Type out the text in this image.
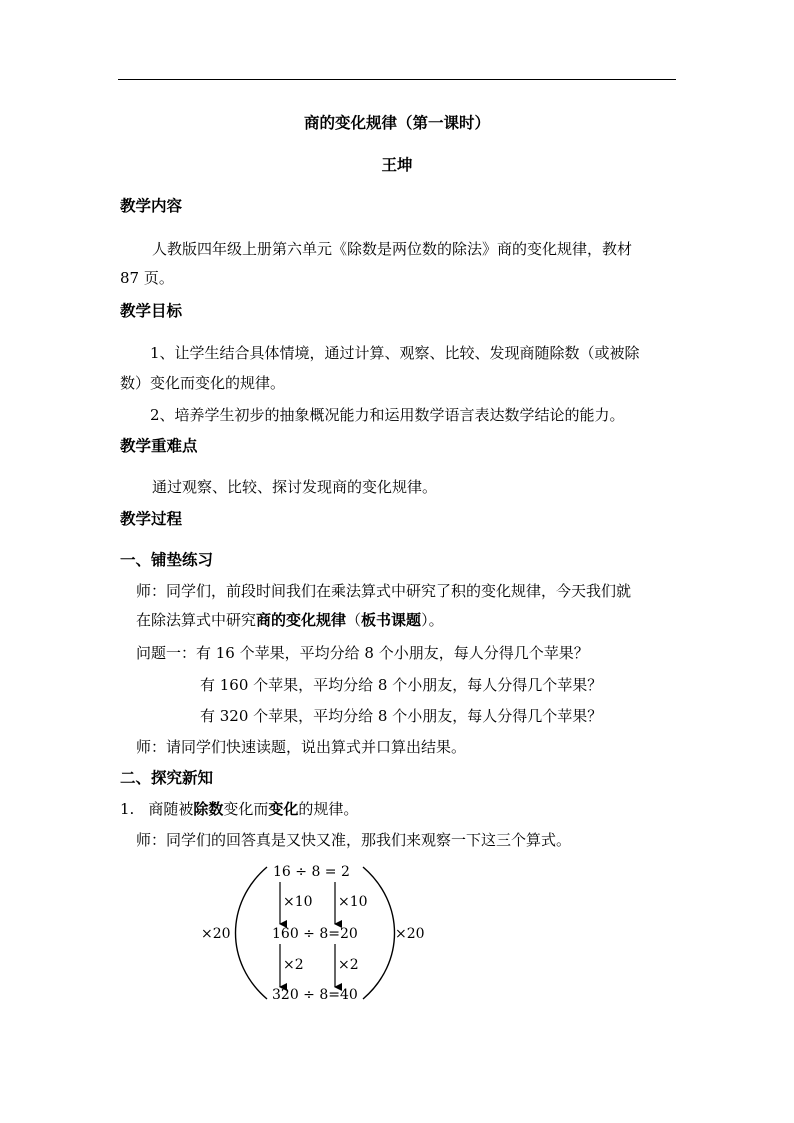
商的变化规律（第一课时）
王坤
教学内容
人教版四年级上册第六单元《除数是两位数的除法》商的变化规律，教材
87 页。
教学目标
1、让学生结合具体情境，通过计算、观察、比较、发现商随除数（或被除
数）变化而变化的规律。
2、培养学生初步的抽象概况能力和运用数学语言表达数学结论的能力。
教学重难点
通过观察、比较、探讨发现商的变化规律。
教学过程
一、铺垫练习
师：同学们，前段时间我们在乘法算式中研究了积的变化规律，今天我们就
在除法算式中研究商的变化规律（板书课题）。
问题一：有 16 个苹果，平均分给 8 个小朋友，每人分得几个苹果？
有 160 个苹果，平均分给 8 个小朋友，每人分得几个苹果？
有 320 个苹果，平均分给 8 个小朋友，每人分得几个苹果？
师：请同学们快速读题，说出算式并口算出结果。
二、探究新知
1. 商随被除数变化而变化的规律。
师：同学们的回答真是又快又准，那我们来观察一下这三个算式。
16 ÷ 8 = 2
×10 ×10
×20	160 ÷ 8=20	×20
×2 ×2
320 ÷ 8=40
